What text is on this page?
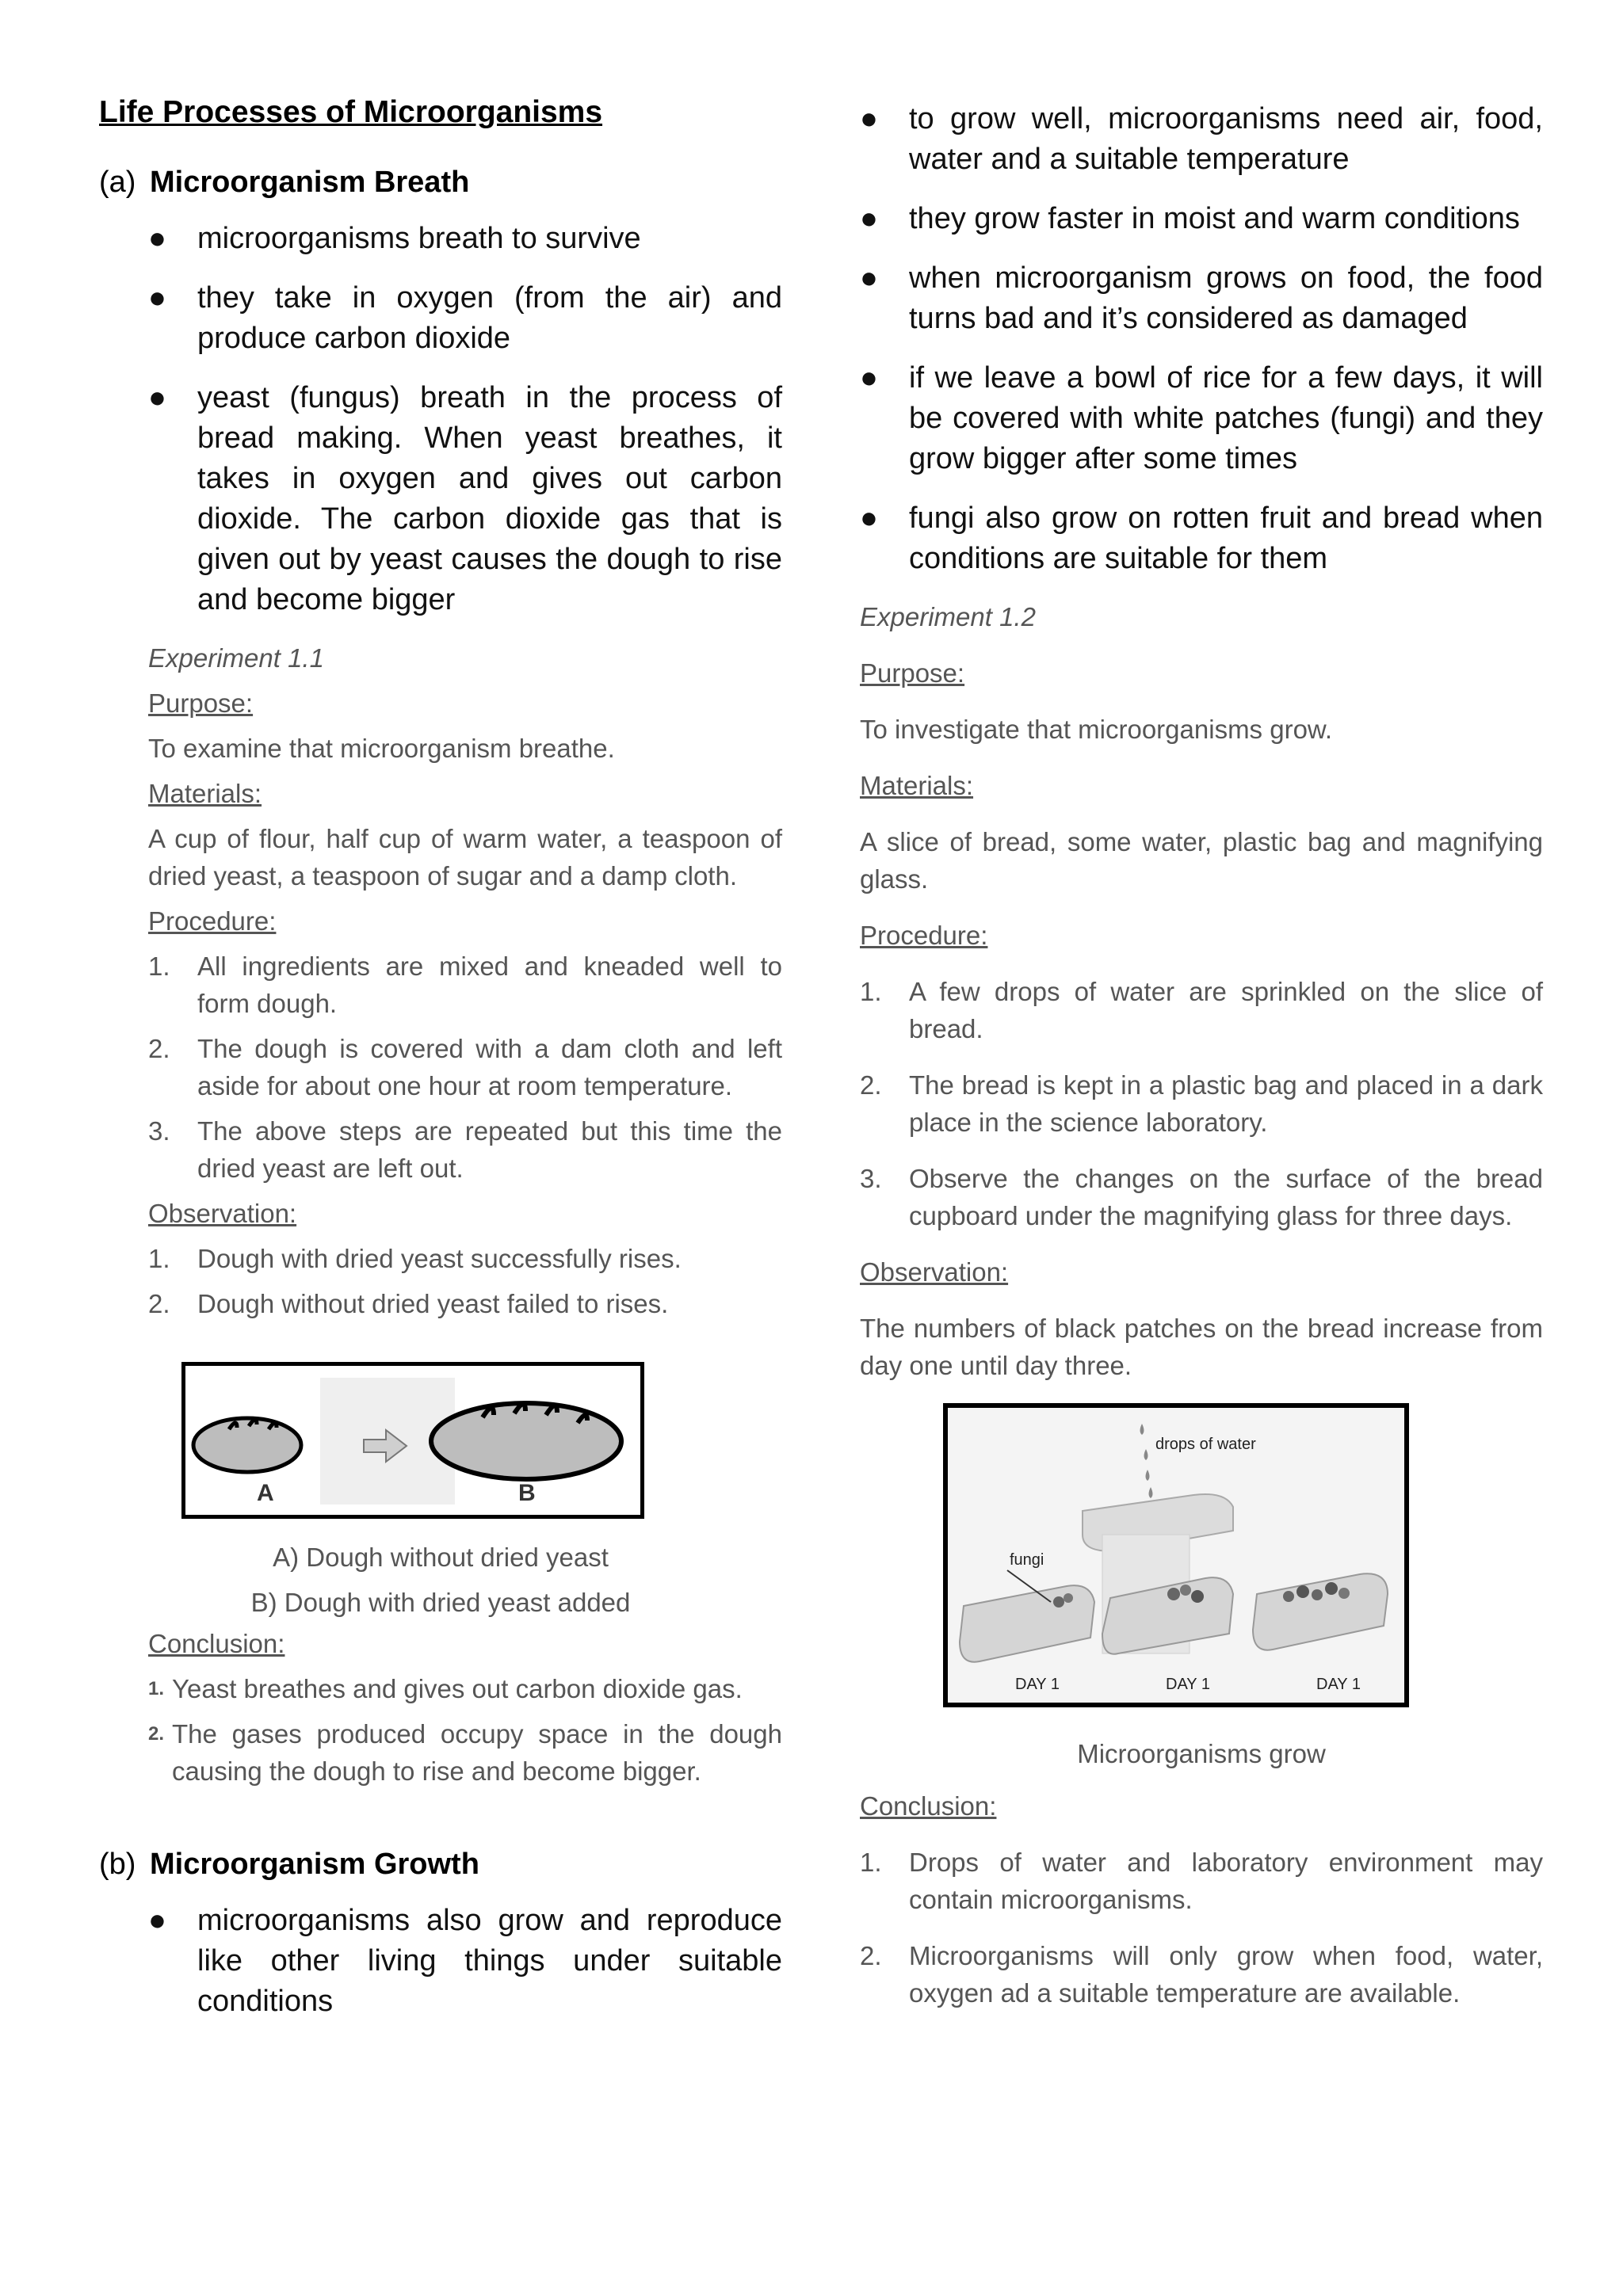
Life Processes of Microorganisms
(a) Microorganism Breath
● microorganisms breath to survive
● they take in oxygen (from the air) and produce carbon dioxide
● yeast (fungus) breath in the process of bread making. When yeast breathes, it takes in oxygen and gives out carbon dioxide. The carbon dioxide gas that is given out by yeast causes the dough to rise and become bigger

Experiment 1.1

Purpose:

To examine that microorganism breathe.

Materials:

A cup of flour, half cup of warm water, a teaspoon of dried yeast, a teaspoon of sugar and a damp cloth.

Procedure:

1. All ingredients are mixed and kneaded well to form dough.
2. The dough is covered with a dam cloth and left aside for about one hour at room temperature.
3. The above steps are repeated but this time the dried yeast are left out.

Observation:

1. Dough with dried yeast successfully rises.
2. Dough without dried yeast failed to rises.
A	B
A) Dough without dried yeast
B) Dough with dried yeast added

Conclusion:

1. Yeast breathes and gives out carbon dioxide gas.
2. The gases produced occupy space in the dough causing the dough to rise and become bigger.
(b) Microorganism Growth
● microorganisms also grow and reproduce like other living things under suitable conditions
● to grow well, microorganisms need air, food, water and a suitable temperature
● they grow faster in moist and warm conditions
● when microorganism grows on food, the food turns bad and it’s considered as damaged
● if we leave a bowl of rice for a few days, it will be covered with white patches (fungi) and they grow bigger after some times
● fungi also grow on rotten fruit and bread when conditions are suitable for them

Experiment 1.2

Purpose:

To investigate that microorganisms grow.

Materials:

A slice of bread, some water, plastic bag and magnifying glass.

Procedure:

1. A few drops of water are sprinkled on the slice of bread.
2. The bread is kept in a plastic bag and placed in a dark place in the science laboratory.
3. Observe the changes on the surface of the bread cupboard under the magnifying glass for three days.

Observation:

The numbers of black patches on the bread increase from day one until day three.

drops of water
fungi
DAY 1	DAY 1	DAY 1
Microorganisms grow

Conclusion:

1. Drops of water and laboratory environment may contain microorganisms.
2. Microorganisms will only grow when food, water, oxygen ad a suitable temperature are available.
